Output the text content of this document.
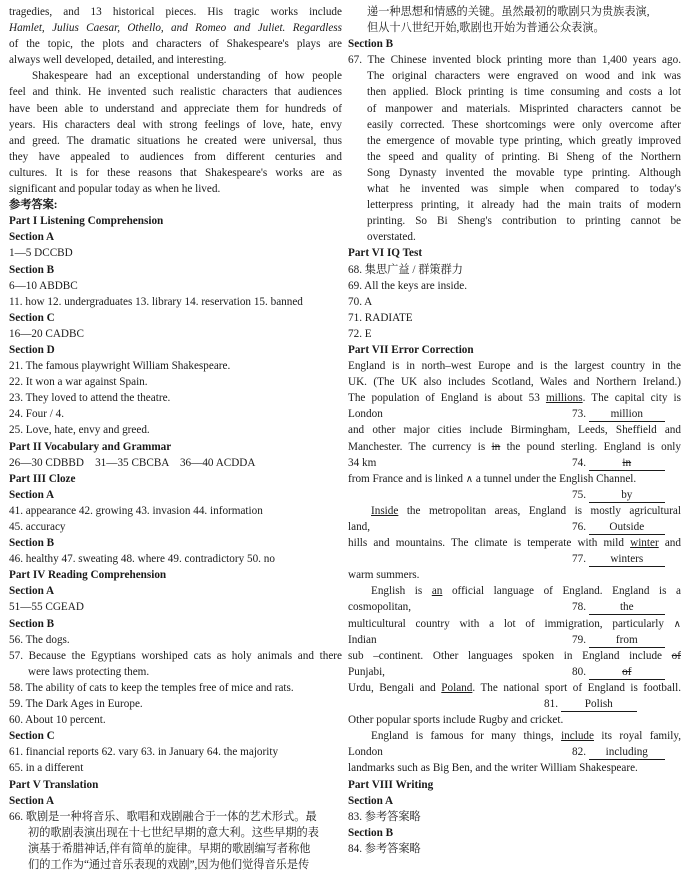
tragedies, and 13 historical pieces. His tragic works include
Hamlet, Julius Caesar, Othello, and Romeo and Juliet. Regardless
of the topic, the plots and characters of Shakespeare's plays are
always well developed, detailed, and interesting.
Shakespeare had an exceptional understanding of how people
feel and think. He invented such realistic characters that audiences
have been able to understand and appreciate them for hundreds of
years. His characters deal with strong feelings of love, hate, envy
and greed. The dramatic situations he created were universal, thus
they have appealed to audiences from different centuries and
cultures. It is for these reasons that Shakespeare's works are as
significant and popular today as when he lived.
参考答案:
Part I Listening Comprehension
Section A
1—5 DCCBD
Section B
6—10 ABDBC
11. how 12. undergraduates 13. library 14. reservation 15. banned
Section C
16—20 CADBC
Section D
21. The famous playwright William Shakespeare.
22. It won a war against Spain.
23. They loved to attend the theatre.
24. Four / 4.
25. Love, hate, envy and greed.
Part II Vocabulary and Grammar
26—30 CDBBD    31—35 CBCBA    36—40 ACDDA
Part III Cloze
Section A
41. appearance 42. growing 43. invasion 44. information
45. accuracy
Section B
46. healthy 47. sweating 48. where 49. contradictory 50. no
Part IV Reading Comprehension
Section A
51—55 CGEAD
Section B
56. The dogs.
57. Because the Egyptians worshiped cats as holy animals and there
were laws protecting them.
58. The ability of cats to keep the temples free of mice and rats.
59. The Dark Ages in Europe.
60. About 10 percent.
Section C
61. financial reports 62. vary 63. in January 64. the majority
65. in a different
Part V Translation
Section A
66. 歌剧是一种将音乐、歌唱和戏剧融合于一体的艺术形式。最
初的歌剧表演出现在十七世纪早期的意大利。这些早期的表
演基于希腊神话,伴有简单的旋律。早期的歌剧编写者称他
们的工作为“通过音乐表现的戏剧”,因为他们觉得音乐是传
递一种思想和情感的关键。虽然最初的歌剧只为贵族表演,
但从十八世纪开始,歌剧也开始为普通公众表演。
Section B
67. The Chinese invented block printing more than 1,400 years ago.
The original characters were engraved on wood and ink was
then applied. Block printing is time consuming and costs a lot
of manpower and materials. Misprinted characters cannot be
easily corrected. These shortcomings were only overcome after
the emergence of movable type printing, which greatly improved
the speed and quality of printing. Bi Sheng of the Northern
Song Dynasty invented the movable type printing. Although
what he invented was simple when compared to today's
letterpress printing, it already had the main traits of modern
printing. So Bi Sheng's contribution to printing cannot be
overstated.
Part VI IQ Test
68. 集思广益 / 群策群力
69. All the keys are inside.
70. A
71. RADIATE
72. E
Part VII Error Correction
England is in north–west Europe and is the largest country in the
UK. (The UK also includes Scotland, Wales and Northern Ireland.)
The population of England is about 53 millions. The capital city is
London	73. million
and other major cities include Birmingham, Leeds, Sheffield and
Manchester. The currency is in the pound sterling. England is only
34 km	74.	in
from France and is linked ∧ a tunnel under the English Channel.
75.	by
Inside the metropolitan areas, England is mostly agricultural
land,	76. Outside
hills and mountains. The climate is temperate with mild winter and
77. winters
warm summers.
English is an official language of England. England is a
cosmopolitan,	78.	the
multicultural country with a lot of immigration, particularly ∧
Indian	79.	from
sub –continent. Other languages spoken in England include of
Punjabi,	80.	of
Urdu, Bengali and Poland. The national sport of England is football.
81. Polish
Other popular sports include Rugby and cricket.
England is famous for many things, include its royal family,
London	82. including
landmarks such as Big Ben, and the writer William Shakespeare.
Part VIII Writing
Section A
83. 参考答案略
Section B
84. 参考答案略
